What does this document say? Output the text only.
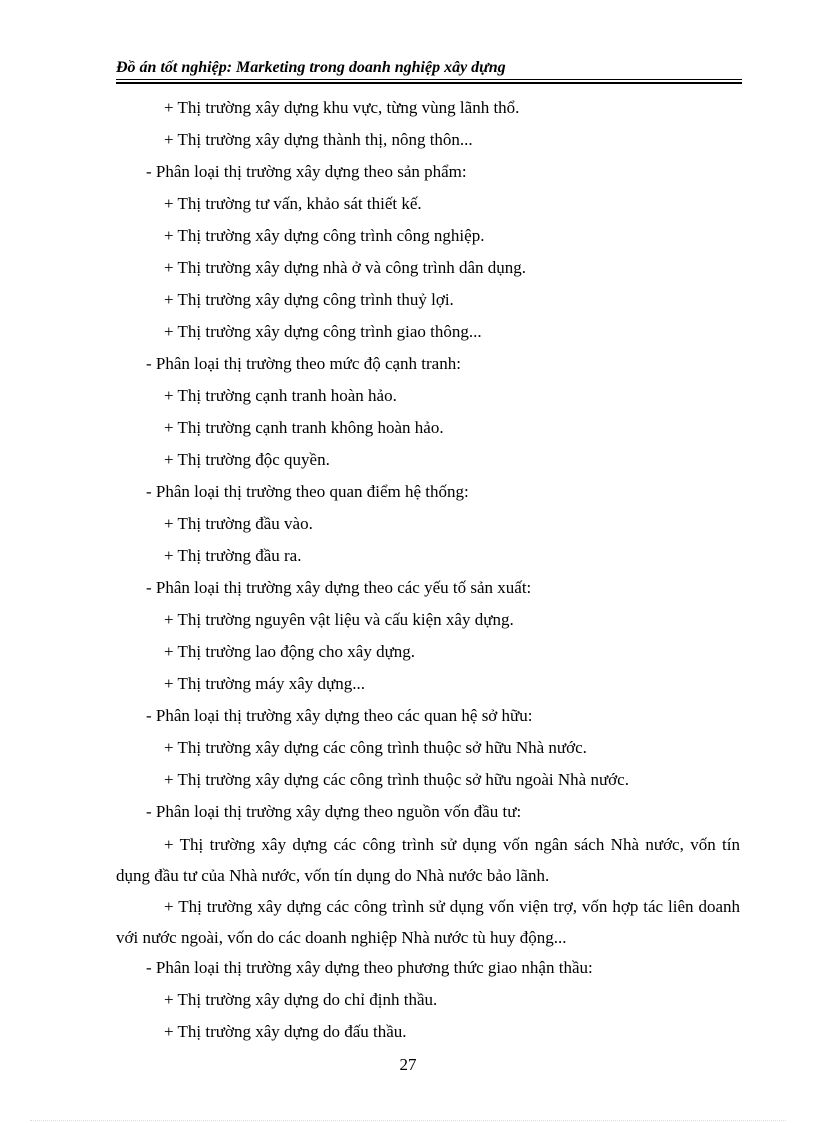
Đồ án tốt nghiệp: Marketing trong doanh nghiệp xây dựng
+ Thị trường xây dựng khu vực, từng vùng lãnh thổ.
+ Thị trường xây dựng thành thị, nông thôn...
- Phân loại thị trường xây dựng theo sản phẩm:
+ Thị trường tư vấn, khảo sát thiết kế.
+ Thị trường xây dựng công trình công nghiệp.
+ Thị trường xây dựng nhà ở và công trình dân dụng.
+ Thị trường xây dựng công trình thuỷ lợi.
+ Thị trường xây dựng công trình giao thông...
- Phân loại thị trường theo mức độ cạnh tranh:
+ Thị trường cạnh tranh hoàn hảo.
+ Thị trường cạnh tranh không hoàn hảo.
+ Thị trường độc quyền.
- Phân loại thị trường theo quan điểm hệ thống:
+ Thị trường đầu vào.
+ Thị trường đầu ra.
- Phân loại thị trường xây dựng theo các yếu tố sản xuất:
+ Thị trường nguyên vật liệu và cấu kiện xây dựng.
+ Thị trường lao động cho xây dựng.
+ Thị trường máy xây dựng...
- Phân loại thị trường xây dựng theo các quan hệ sở hữu:
+ Thị trường xây dựng các công trình thuộc sở hữu Nhà nước.
+ Thị trường xây dựng các công trình thuộc sở hữu ngoài Nhà nước.
- Phân loại thị trường xây dựng theo nguồn vốn đầu tư:
+ Thị trường xây dựng các công trình sử dụng vốn ngân sách Nhà nước, vốn tín dụng đầu tư của Nhà nước, vốn tín dụng do Nhà nước bảo lãnh.
+ Thị trường xây dựng các công trình sử dụng vốn viện trợ, vốn hợp tác liên doanh với nước ngoài, vốn do các doanh nghiệp Nhà nước tù huy động...
- Phân loại thị trường xây dựng theo phương thức giao nhận thầu:
+ Thị trường xây dựng do chỉ định thầu.
+ Thị trường xây dựng do đấu thầu.
27
